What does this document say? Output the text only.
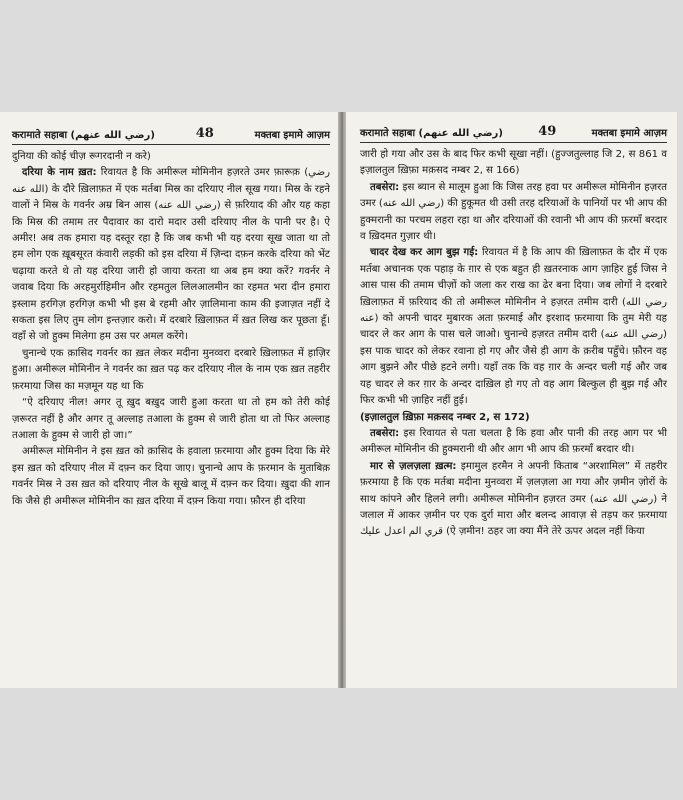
करामाते सहाबा (رضي الله عنهم)	48	मक्तबा इमामे आज़म

दुनिया की कोई चीज़ रूगरदानी न करे)

दरिया के नाम ख़त: रिवायत है कि अमीरूल मोमिनीन हज़रते उमर फ़ारूक़ (رضي الله عنه) के दौरे ख़िलाफ़त में एक मर्तबा मिस्र का दरियाए नील सूख गया। मिस्र के रहने वालों ने मिस्र के गवर्नर अम्र बिन आस (رضي الله عنه) से फ़रियाद की और यह कहा कि मिस्र की तमाम तर पैदावार का दारो मदार उसी दरियाए नील के पानी पर है। ऐ अमीर! अब तक हमारा यह दस्तूर रहा है कि जब कभी भी यह दरया सूख जाता था तो हम लोग एक ख़ूबसूरत कंवारी लड़की को इस दरिया में ज़िन्दा दफ़न करके दरिया को भेंट चढ़ाया करते थे तो यह दरिया जारी हो जाया करता था अब हम क्या करें? गवर्नर ने जवाब दिया कि अरहमुर्राहिमीन और रहमतुल लिलआलमीन का रहमत भरा दीन हमारा इस्लाम हरगिज़ हरगिज़ कभी भी इस बे रहमी और ज़ालिमाना काम की इजाज़त नहीं दे सकता इस लिए तुम लोग इन्तज़ार करो। में दरबारे ख़िलाफ़त में ख़त लिख कर पूछता हूँ। वहाँ से जो हुक्म मिलेगा हम उस पर अमल करेंगे।

चुनान्चे एक क़ासिद गवर्नर का ख़त लेकर मदीना मुनव्वरा दरबारे ख़िलाफ़त में हाज़िर हुआ। अमीरूल मोमिनीन ने गवर्नर का ख़त पढ़ कर दरियाए नील के नाम एक ख़त तहरीर फ़रमाया जिस का मज़मून यह था कि

“ऐ दरियाए नील! अगर तू ख़ुद बख़ुद जारी हुआ करता था तो हम को तेरी कोई ज़रूरत नहीं है और अगर तू अल्लाह तआला के हुक्म से जारी होता था तो फिर अल्लाह तआला के हुक्म से जारी हो जा।”

अमीरूल मोमिनीन ने इस ख़त को क़ासिद के हवाला फ़रमाया और हुक्म दिया कि मेरे इस ख़त को दरियाए नील में दफ़्न कर दिया जाए। चुनान्चे आप के फ़रमान के मुताबिक़ गवर्नर मिस्र ने उस ख़त को दरियाए नील के सूखे बालू में दफ़्न कर दिया। ख़ुदा की शान कि जैसे ही अमीरूल मोमिनीन का ख़त दरिया में दफ़्न किया गया। फ़ौरन ही दरिया

करामाते सहाबा (رضي الله عنهم)	49	मक्तबा इमामे आज़म

जारी हो गया और उस के बाद फिर कभी सूखा नहीं। (हुज्जतुल्लाह जि 2, स 861 व इज़ालतुल ख़िफ़ा मक़सद नम्बर 2, स 166)

तबसेरा: इस ब्यान से मालूम हुआ कि जिस तरह हवा पर अमीरूल मोमिनीन हज़रत उमर (رضي الله عنه) की हुकूमत थी उसी तरह दरियाओं के पानियों पर भी आप की हुक्मरानी का परचम लहरा रहा था और दरियाओं की रवानी भी आप की फ़रमाँ बरदार व ख़िदमत गुज़ार थी।

चादर देख कर आग बुझ गई: रिवायत में है कि आप की ख़िलाफ़त के दौर में एक मर्तबा अचानक एक पहाड़ के ग़ार से एक बहुत ही ख़तरनाक आग ज़ाहिर हुई जिस ने आस पास की तमाम चीज़ों को जला कर राख का ढेर बना दिया। जब लोगों ने दरबारे ख़िलाफ़त में फ़रियाद की तो अमीरूल मोमिनीन ने हज़रत तमीम दारी (رضي الله عنه) को अपनी चादर मुबारक अता फ़रमाई और इरशाद फ़रमाया कि तुम मेरी यह चादर ले कर आग के पास चले जाओ। चुनान्चे हज़रत तमीम दारी (رضي الله عنه) इस पाक चादर को लेकर रवाना हो गए और जैसे ही आग के क़रीब पहुँचे। फ़ौरन वह आग बुझने और पीछे हटने लगी। यहाँ तक कि वह ग़ार के अन्दर चली गई और जब यह चादर ले कर ग़ार के अन्दर दाख़िल हो गए तो वह आग बिल्कुल ही बुझ गई और फिर कभी भी ज़ाहिर नहीं हुई।

(इज़ालतुल ख़िफ़ा मक़सद नम्बर 2, स 172)

तबसेरा: इस रिवायत से पता चलता है कि हवा और पानी की तरह आग पर भी अमीरूल मोमिनीन की हुक्मरानी थी और आग भी आप की फ़रमाँ बरदार थी।

मार से ज़लज़ला ख़त्म: इमामुल हरमैन ने अपनी किताब “अरशामिल” में तहरीर फ़रमाया है कि एक मर्तबा मदीना मुनव्वरा में ज़लज़ला आ गया और ज़मीन ज़ोरों के साथ कांपने और हिलने लगी। अमीरूल मोमिनीन हज़रत उमर (رضي الله عنه) ने जलाल में आकर ज़मीन पर एक दुर्रा मारा और बलन्द आवाज़ से तड़प कर फ़रमाया قري الم اعدل عليك (ऐ ज़मीन! ठहर जा क्या मैंने तेरे ऊपर अदल नहीं किया
